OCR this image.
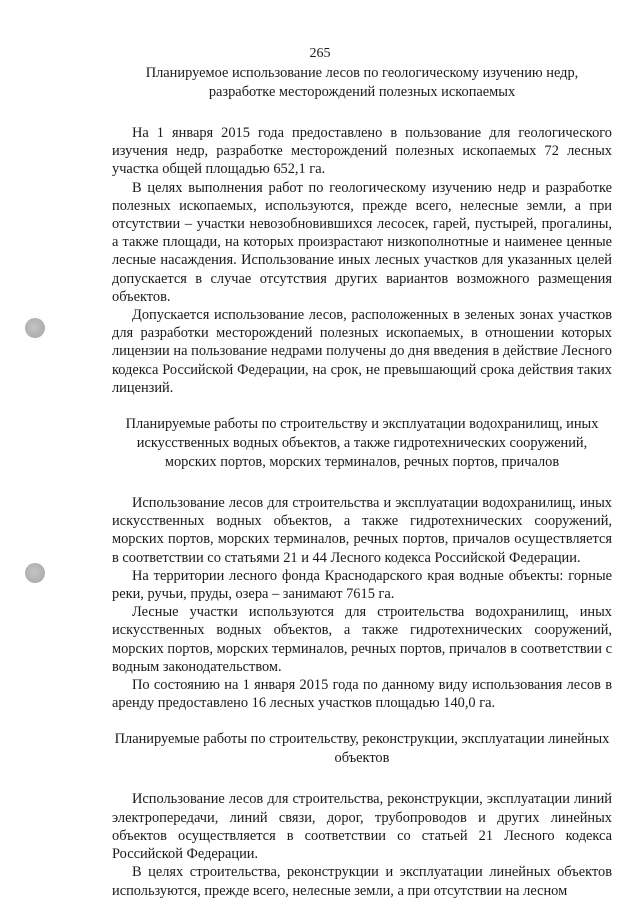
265

Планируемое использование лесов по геологическому изучению недр, разработке месторождений полезных ископаемых

На 1 января 2015 года предоставлено в пользование для геологического изучения недр, разработке месторождений полезных ископаемых 72 лесных участка общей площадью 652,1 га.

В целях выполнения работ по геологическому изучению недр и разработке полезных ископаемых, используются, прежде всего, нелесные земли, а при отсутствии – участки невозобновившихся лесосек, гарей, пустырей, прогалины, а также площади, на которых произрастают низкополнотные и наименее ценные лесные насаждения. Использование иных лесных участков для указанных целей допускается в случае отсутствия других вариантов возможного размещения объектов.

Допускается использование лесов, расположенных в зеленых зонах участков для разработки месторождений полезных ископаемых, в отношении которых лицензии на пользование недрами получены до дня введения в действие Лесного кодекса Российской Федерации, на срок, не превышающий срока действия таких лицензий.

Планируемые работы по строительству и эксплуатации водохранилищ, иных искусственных водных объектов, а также гидротехнических сооружений, морских портов, морских терминалов, речных портов, причалов

Использование лесов для строительства и эксплуатации водохранилищ, иных искусственных водных объектов, а также гидротехнических сооружений, морских портов, морских терминалов, речных портов, причалов осуществляется в соответствии со статьями 21 и 44 Лесного кодекса Российской Федерации.

На территории лесного фонда Краснодарского края водные объекты: горные реки, ручьи, пруды, озера – занимают 7615 га.

Лесные участки используются для строительства водохранилищ, иных искусственных водных объектов, а также гидротехнических сооружений, морских портов, морских терминалов, речных портов, причалов в соответствии с водным законодательством.

По состоянию на 1 января 2015 года по данному виду использования лесов в аренду предоставлено 16 лесных участков площадью 140,0 га.

Планируемые работы по строительству, реконструкции, эксплуатации линейных объектов

Использование лесов для строительства, реконструкции, эксплуатации линий электропередачи, линий связи, дорог, трубопроводов и других линейных объектов осуществляется в соответствии со статьей 21 Лесного кодекса Российской Федерации.

В целях строительства, реконструкции и эксплуатации линейных объектов используются, прежде всего, нелесные земли, а при отсутствии на лесном
